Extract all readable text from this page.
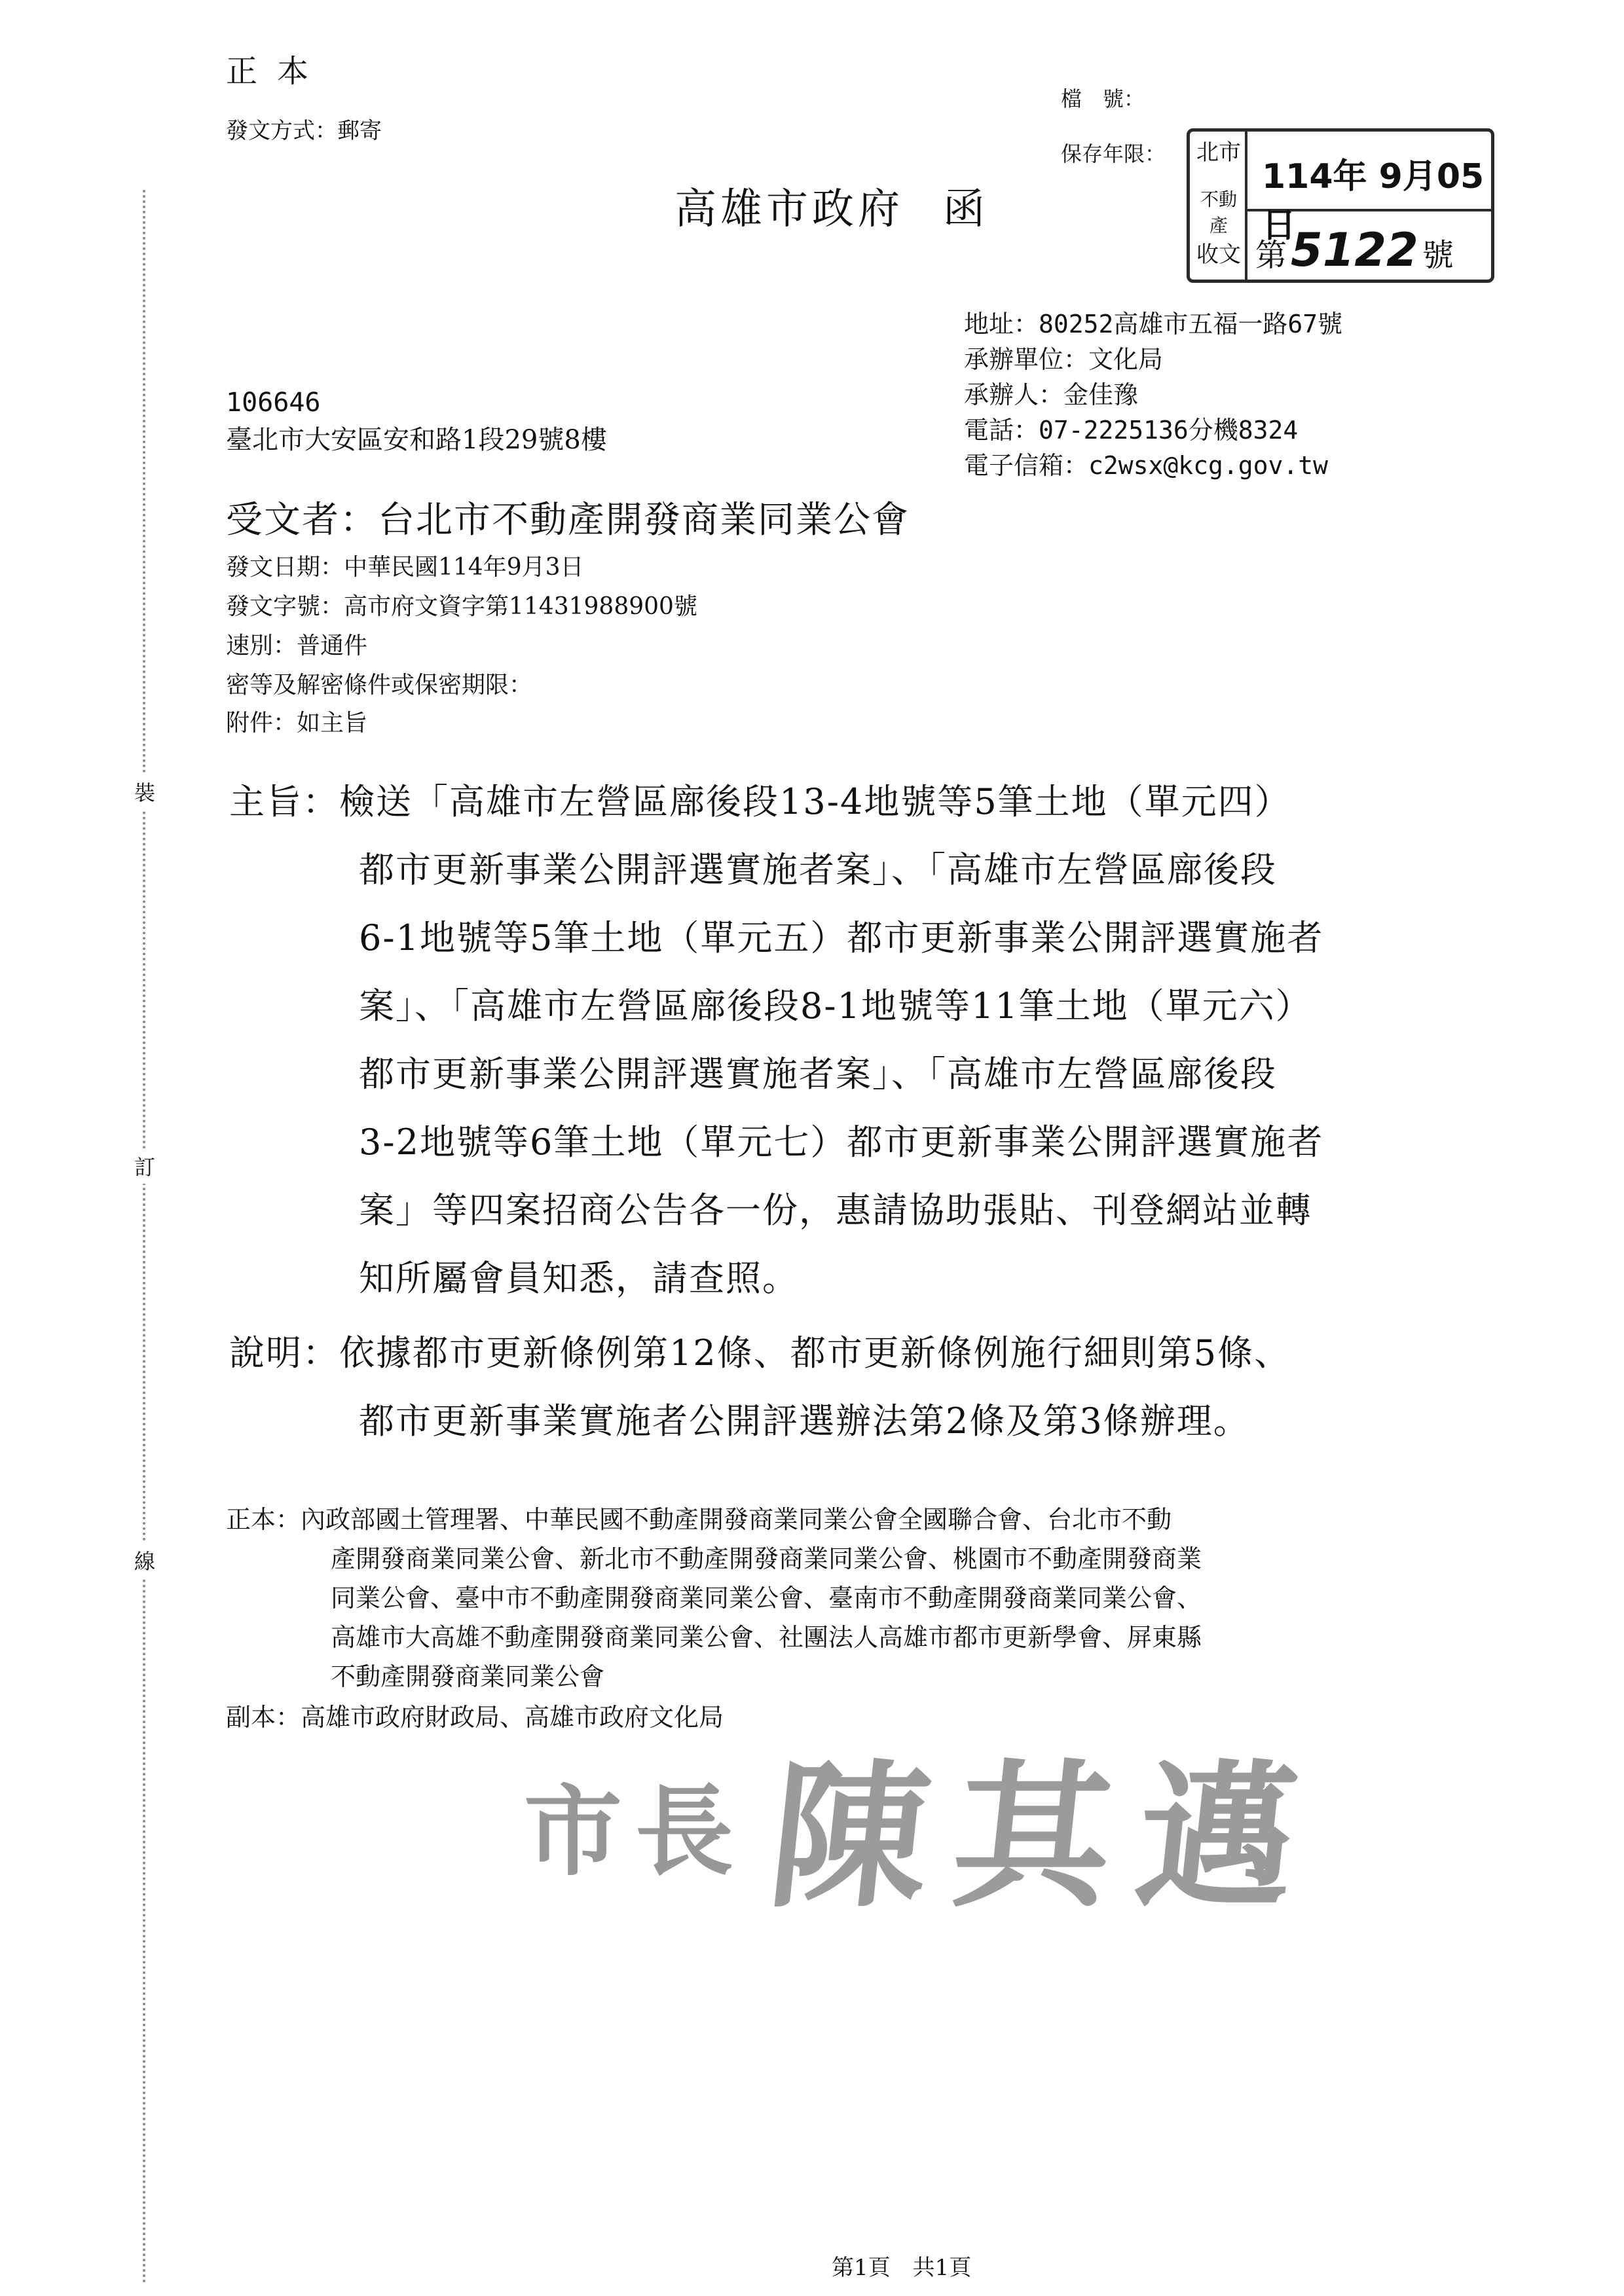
裝
訂
線
正本
發文方式：郵寄
檔　號：
保存年限： 北市
不動產
收文
114年 9月05日
第5122 號
高雄市政府 函
地址：80252高雄市五福一路67號
承辦單位：文化局
承辦人：金佳豫
電話：07-2225136分機8324
電子信箱：c2wsx@kcg.gov.tw
106646
臺北市大安區安和路1段29號8樓
受文者：台北市不動產開發商業同業公會
發文日期：中華民國114年9月3日
發文字號：高市府文資字第11431988900號
速別：普通件
密等及解密條件或保密期限：
附件：如主旨
主旨：檢送「高雄市左營區廍後段13-4地號等5筆土地（單元四）
都市更新事業公開評選實施者案」、「高雄市左營區廍後段
6-1地號等5筆土地（單元五）都市更新事業公開評選實施者
案」、「高雄市左營區廍後段8-1地號等11筆土地（單元六）
都市更新事業公開評選實施者案」、「高雄市左營區廍後段
3-2地號等6筆土地（單元七）都市更新事業公開評選實施者
案」等四案招商公告各一份，惠請協助張貼、刊登網站並轉
知所屬會員知悉，請查照。
說明：依據都市更新條例第12條、都市更新條例施行細則第5條、
都市更新事業實施者公開評選辦法第2條及第3條辦理。
正本：內政部國土管理署、中華民國不動產開發商業同業公會全國聯合會、台北市不動
產開發商業同業公會、新北市不動產開發商業同業公會、桃園市不動產開發商業
同業公會、臺中市不動產開發商業同業公會、臺南市不動產開發商業同業公會、
高雄市大高雄不動產開發商業同業公會、社團法人高雄市都市更新學會、屏東縣
不動產開發商業同業公會
副本：高雄市政府財政局、高雄市政府文化局
市長 陳其邁
第1頁　共1頁
